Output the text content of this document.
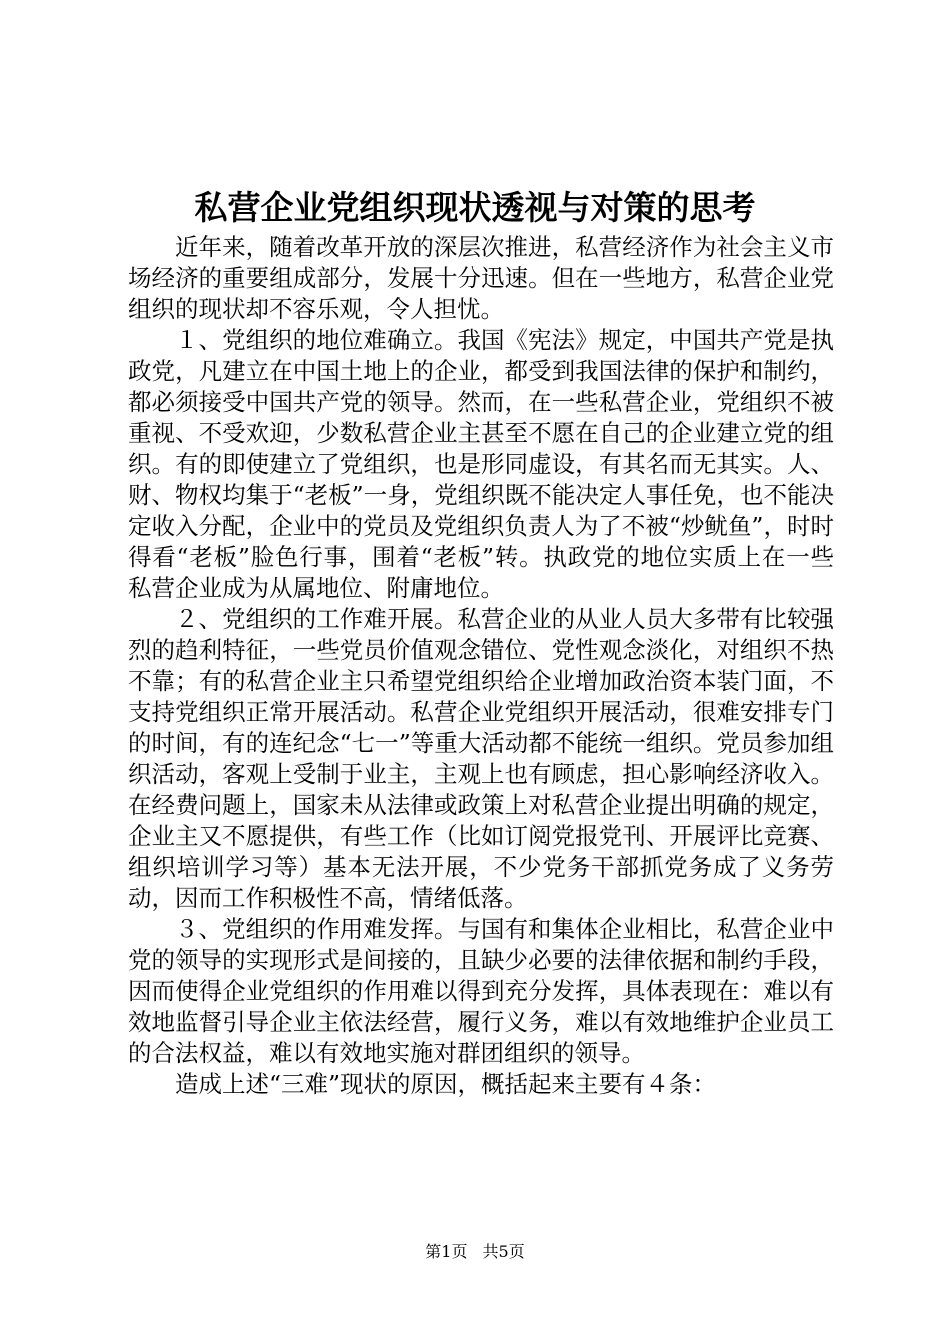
私营企业党组织现状透视与对策的思考

近年来，随着改革开放的深层次推进，私营经济作为社会主义市场经济的重要组成部分，发展十分迅速。但在一些地方，私营企业党组织的现状却不容乐观，令人担忧。

１、党组织的地位难确立。我国《宪法》规定，中国共产党是执政党，凡建立在中国土地上的企业，都受到我国法律的保护和制约，都必须接受中国共产党的领导。然而，在一些私营企业，党组织不被重视、不受欢迎，少数私营企业主甚至不愿在自己的企业建立党的组织。有的即使建立了党组织，也是形同虚设，有其名而无其实。人、财、物权均集于“老板”一身，党组织既不能决定人事任免，也不能决定收入分配，企业中的党员及党组织负责人为了不被“炒鱿鱼”，时时得看“老板”脸色行事，围着“老板”转。执政党的地位实质上在一些私营企业成为从属地位、附庸地位。

２、党组织的工作难开展。私营企业的从业人员大多带有比较强烈的趋利特征，一些党员价值观念错位、党性观念淡化，对组织不热不靠；有的私营企业主只希望党组织给企业增加政治资本装门面，不支持党组织正常开展活动。私营企业党组织开展活动，很难安排专门的时间，有的连纪念“七一”等重大活动都不能统一组织。党员参加组织活动，客观上受制于业主，主观上也有顾虑，担心影响经济收入。在经费问题上，国家未从法律或政策上对私营企业提出明确的规定，企业主又不愿提供，有些工作（比如订阅党报党刊、开展评比竞赛、组织培训学习等）基本无法开展，不少党务干部抓党务成了义务劳动，因而工作积极性不高，情绪低落。

３、党组织的作用难发挥。与国有和集体企业相比，私营企业中党的领导的实现形式是间接的，且缺少必要的法律依据和制约手段，因而使得企业党组织的作用难以得到充分发挥，具体表现在：难以有效地监督引导企业主依法经营，履行义务，难以有效地维护企业员工的合法权益，难以有效地实施对群团组织的领导。

造成上述“三难”现状的原因，概括起来主要有４条：

第1页 共5页
